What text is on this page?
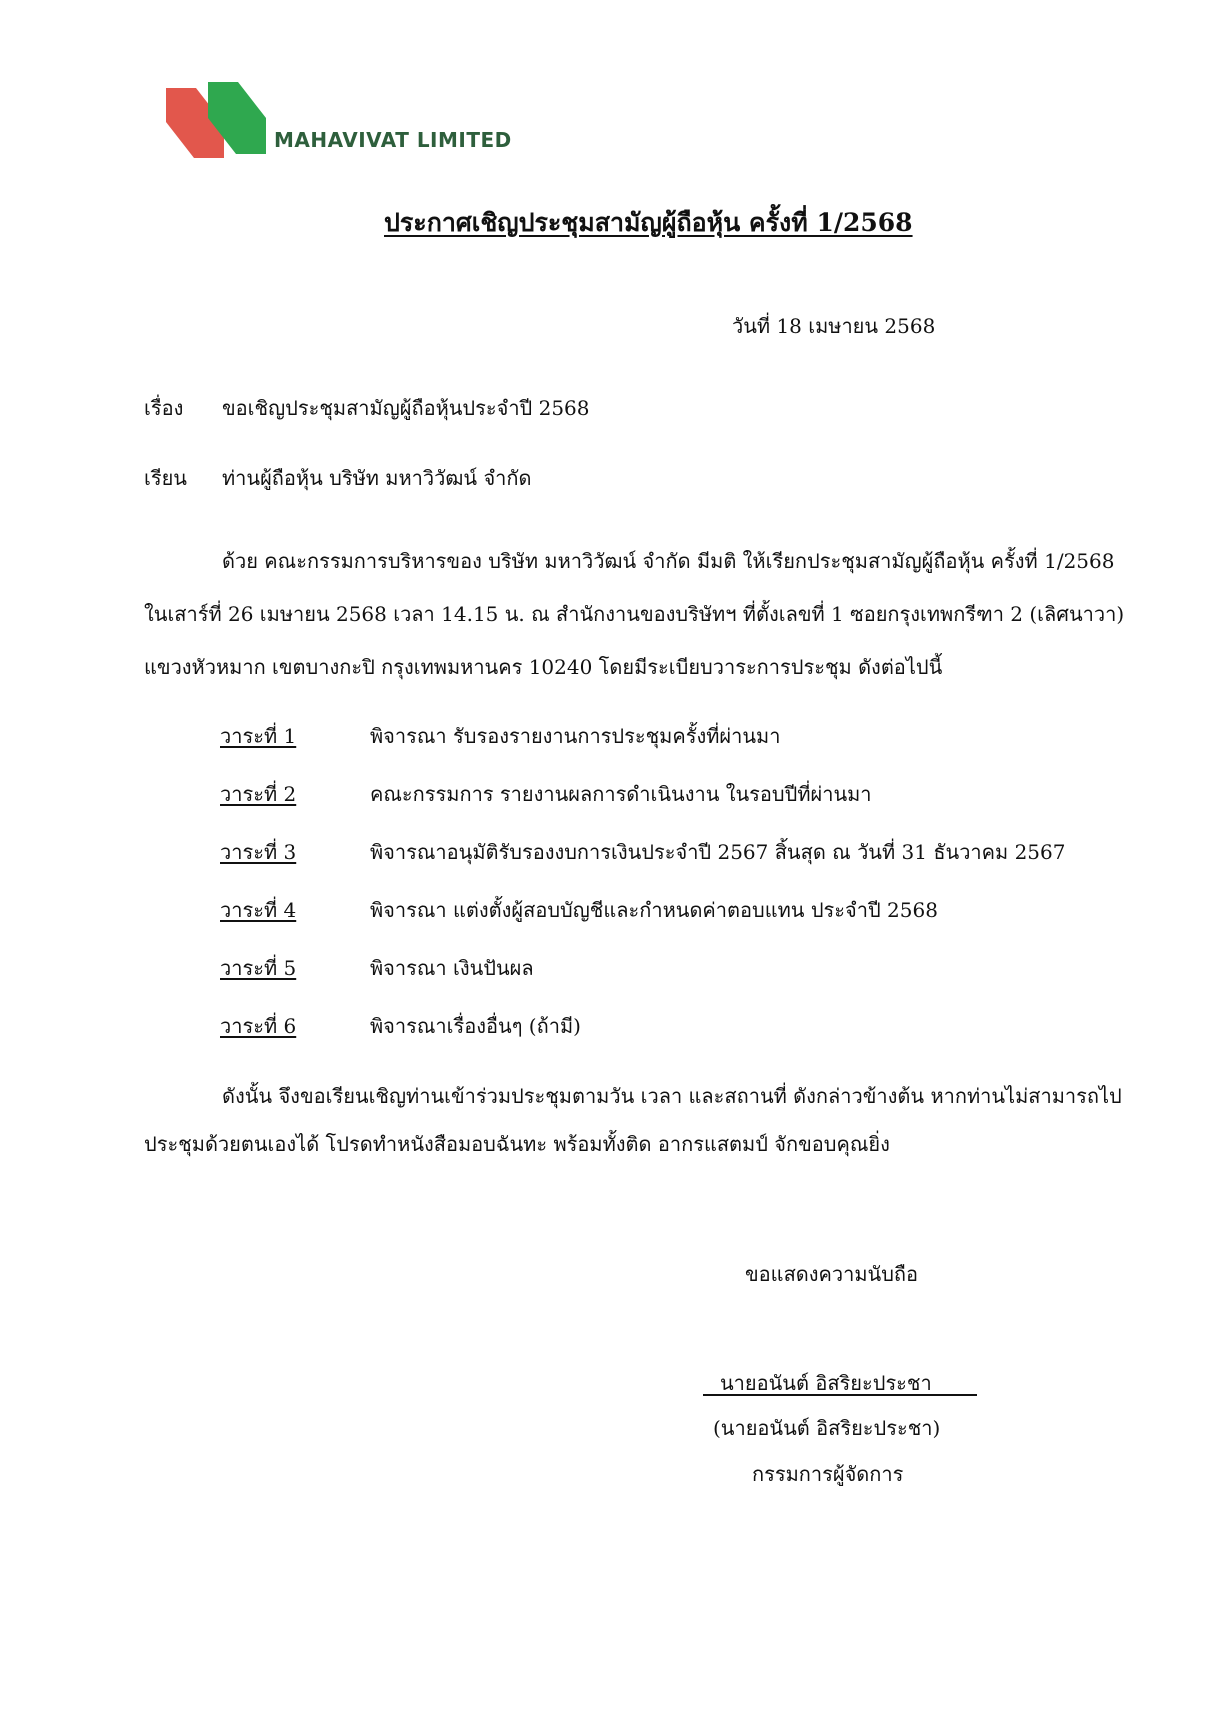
MAHAVIVAT LIMITED
ประกาศเชิญประชุมสามัญผู้ถือหุ้น ครั้งที่ 1/2568
วันที่ 18 เมษายน 2568
เรื่อง ขอเชิญประชุมสามัญผู้ถือหุ้นประจำปี 2568
เรียน ท่านผู้ถือหุ้น บริษัท มหาวิวัฒน์ จำกัด
ด้วย คณะกรรมการบริหารของ บริษัท มหาวิวัฒน์ จำกัด มีมติ ให้เรียกประชุมสามัญผู้ถือหุ้น ครั้งที่ 1/2568
ในเสาร์ที่ 26 เมษายน 2568 เวลา 14.15 น. ณ สำนักงานของบริษัทฯ ที่ตั้งเลขที่ 1 ซอยกรุงเทพกรีฑา 2 (เลิศนาวา)
แขวงหัวหมาก เขตบางกะปิ กรุงเทพมหานคร 10240 โดยมีระเบียบวาระการประชุม ดังต่อไปนี้
วาระที่ 1	พิจารณา รับรองรายงานการประชุมครั้งที่ผ่านมา
วาระที่ 2	คณะกรรมการ รายงานผลการดำเนินงาน ในรอบปีที่ผ่านมา
วาระที่ 3	พิจารณาอนุมัติรับรองงบการเงินประจำปี 2567 สิ้นสุด ณ วันที่ 31 ธันวาคม 2567
วาระที่ 4	พิจารณา แต่งตั้งผู้สอบบัญชีและกำหนดค่าตอบแทน ประจำปี 2568
วาระที่ 5	พิจารณา เงินปันผล
วาระที่ 6	พิจารณาเรื่องอื่นๆ (ถ้ามี)
ดังนั้น จึงขอเรียนเชิญท่านเข้าร่วมประชุมตามวัน เวลา และสถานที่ ดังกล่าวข้างต้น หากท่านไม่สามารถไป
ประชุมด้วยตนเองได้ โปรดทำหนังสือมอบฉันทะ พร้อมทั้งติด อากรแสตมป์ จักขอบคุณยิ่ง
ขอแสดงความนับถือ
นายอนันต์ อิสริยะประชา
(นายอนันต์ อิสริยะประชา)
กรรมการผู้จัดการ
